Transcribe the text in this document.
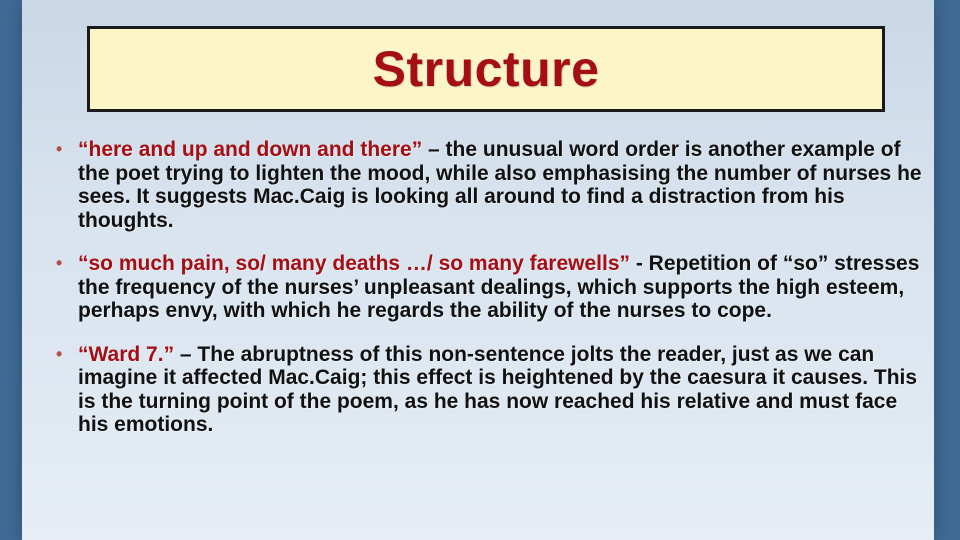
Structure
• “here and up and down and there” – the unusual word order is another example of the poet trying to lighten the mood, while also emphasising the number of nurses he sees. It suggests Mac.Caig is looking all around to find a distraction from his thoughts.
• “so much pain, so/ many deaths …/ so many farewells” - Repetition of “so” stresses the frequency of the nurses’ unpleasant dealings, which supports the high esteem, perhaps envy, with which he regards the ability of the nurses to cope.
• “Ward 7.” – The abruptness of this non-sentence jolts the reader, just as we can imagine it affected Mac.Caig; this effect is heightened by the caesura it causes. This is the turning point of the poem, as he has now reached his relative and must face his emotions.
